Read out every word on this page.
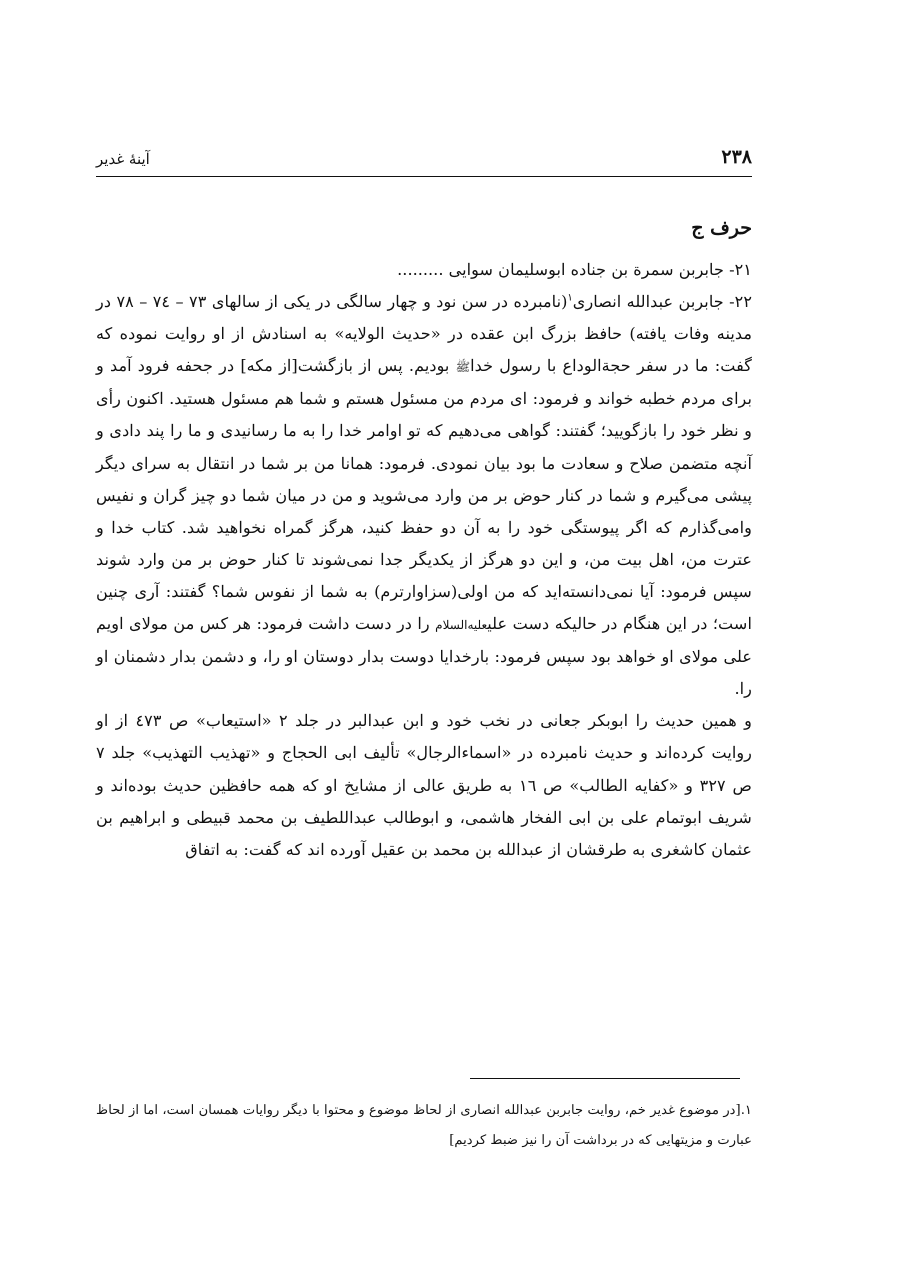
۲۳۸
آینهٔ غدیر
حرف ج

۲۱- جابربن سمرة بن جناده ابوسلیمان سوایی .........

۲۲- جابربن عبدالله انصاری$^۱$(نامبرده در سن نود و چهار سالگی در یکی از سالهای ۷۳ – ۷٤ – ۷۸ در مدینه وفات یافته) حافظ بزرگ ابن عقده در «حدیث الولایه» به اسنادش از او روایت نموده که گفت: ما در سفر حجةالوداع با رسول خداﷺ بودیم. پس از بازگشت[از مکه] در جحفه فرود آمد و برای مردم خطبه خواند و فرمود: ای مردم من مسئول هستم و شما هم مسئول هستید. اکنون رأی و نظر خود را بازگویید؛ گفتند: گواهی می‌دهیم که تو اوامر خدا را به ما رسانیدی و ما را پند دادی و آنچه متضمن صلاح و سعادت ما بود بیان نمودی. فرمود: همانا من بر شما در انتقال به سرای دیگر پیشی می‌گیرم و شما در کنار حوض بر من وارد می‌شوید و من در میان شما دو چیز گران و نفیس وامی‌گذارم که اگر پیوستگی خود را به آن دو حفظ کنید، هرگز گمراه نخواهید شد. کتاب خدا و عترت من، اهل بیت من، و این دو هرگز از یکدیگر جدا نمی‌شوند تا کنار حوض بر من وارد شوند سپس فرمود: آیا نمی‌دانسته‌اید که من اولی(سزاوارترم) به شما از نفوس شما؟ گفتند: آری چنین است؛ در این هنگام در حالیکه دست علیعلیه‌السلام را در دست داشت فرمود: هر کس من مولای اویم علی مولای او خواهد بود سپس فرمود: بارخدایا دوست بدار دوستان او را، و دشمن بدار دشمنان او را.

و همین حدیث را ابوبکر جعانی در نخب خود و ابن عبدالبر در جلد ۲ «استیعاب» ص ٤۷۳ از او روایت کرده‌اند و حدیث نامبرده در «اسماءالرجال» تألیف ابی الحجاج و «تهذیب التهذیب» جلد ۷ ص ۳۲۷ و «کفایه الطالب» ص ۱٦ به طریق عالی از مشایخ او که همه حافظین حدیث بوده‌اند و شریف ابوتمام علی بن ابی الفخار هاشمی، و ابوطالب عبداللطیف بن محمد قبیطی و ابراهیم بن عثمان کاشغری به طرقشان از عبدالله بن محمد بن عقیل آورده اند که گفت: به اتفاق

۱.[در موضوع غدیر خم، روایت جابربن عبدالله انصاری از لحاظ موضوع و محتوا با دیگر روایات همسان است، اما از لحاظ عبارت و مزیتهایی که در برداشت آن را نیز ضبط کردیم]
